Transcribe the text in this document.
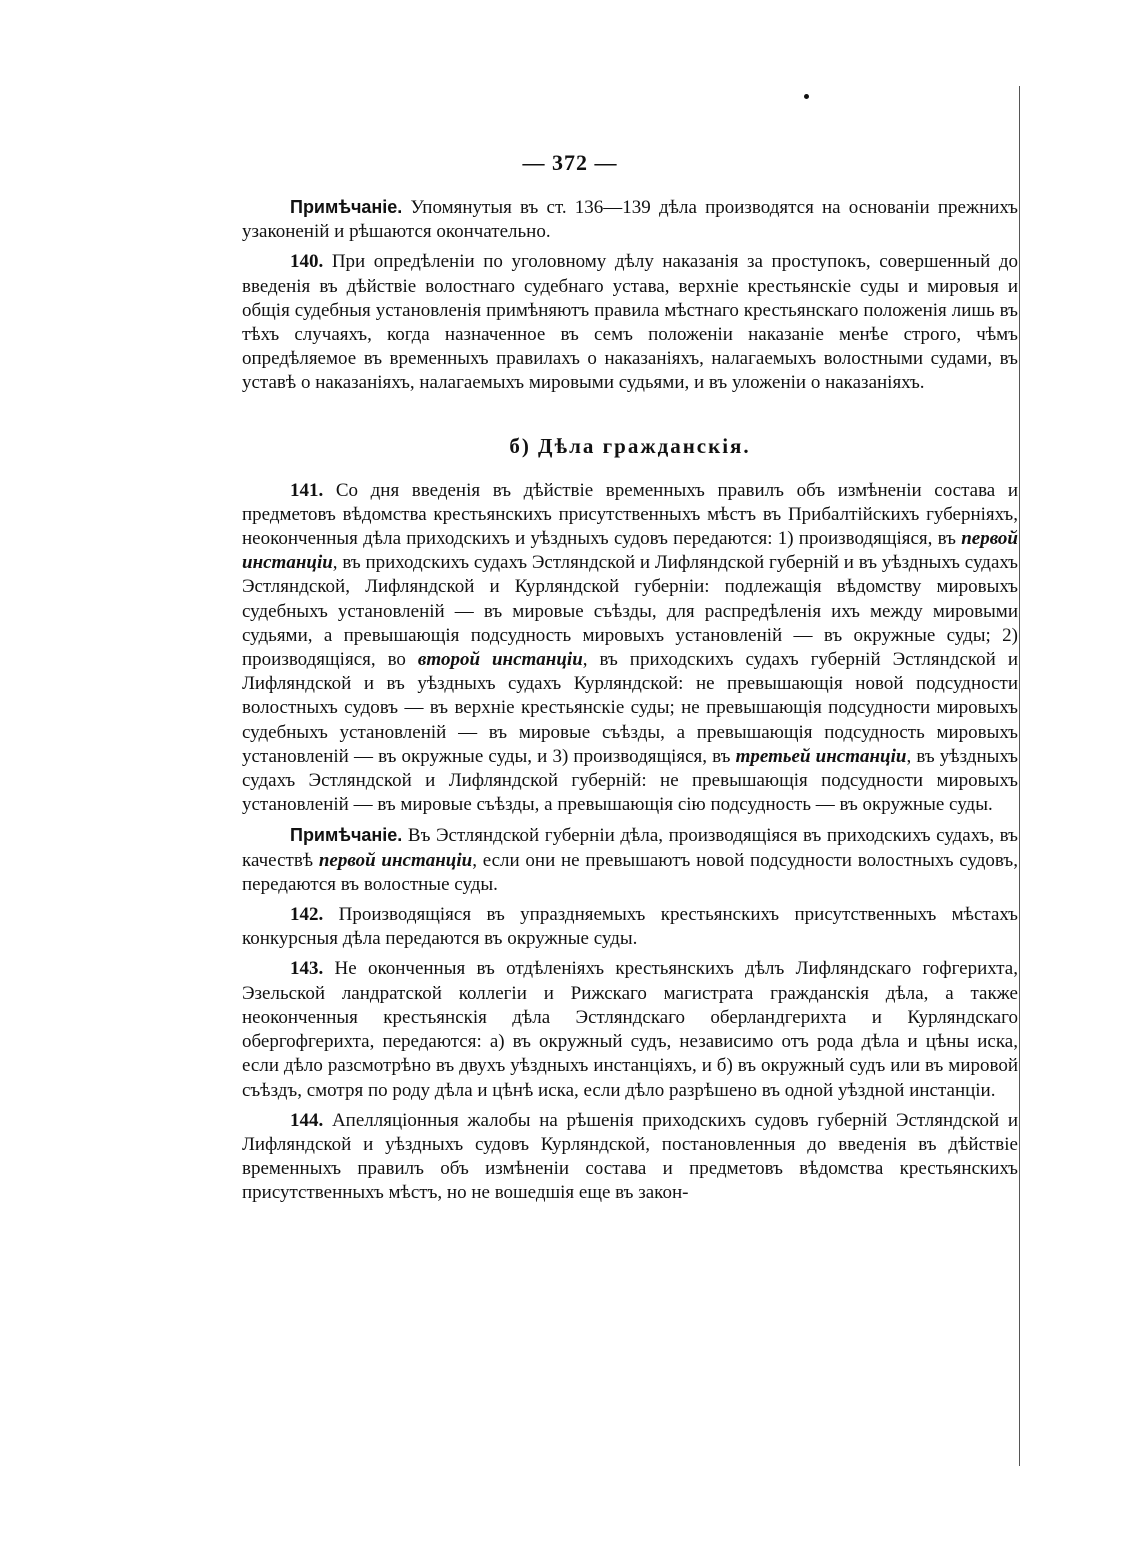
— 372 —

Примѣчаніе. Упомянутыя въ ст. 136—139 дѣла производятся на основаніи прежнихъ узаконеній и рѣшаются окончательно.

140. При опредѣленіи по уголовному дѣлу наказанія за проступокъ, совершенный до введенія въ дѣйствіе волостнаго судебнаго устава, верхніе крестьянскіе суды и мировыя и общія судебныя установленія примѣняютъ правила мѣстнаго крестьянскаго положенія лишь въ тѣхъ случаяхъ, когда назначенное въ семъ положеніи наказаніе менѣе строго, чѣмъ опредѣляемое въ временныхъ правилахъ о наказаніяхъ, налагаемыхъ волостными судами, въ уставѣ о наказаніяхъ, налагаемыхъ мировыми судьями, и въ уложеніи о наказаніяхъ.

б) Дѣла гражданскія.

141. Со дня введенія въ дѣйствіе временныхъ правилъ объ измѣненіи состава и предметовъ вѣдомства крестьянскихъ присутственныхъ мѣстъ въ Прибалтійскихъ губерніяхъ, неоконченныя дѣла приходскихъ и уѣздныхъ судовъ передаются: 1) производящіяся, въ первой инстанціи, въ приходскихъ судахъ Эстляндской и Лифляндской губерній и въ уѣздныхъ судахъ Эстляндской, Лифляндской и Курляндской губерніи: подлежащія вѣдомству мировыхъ судебныхъ установленій — въ мировые съѣзды, для распредѣленія ихъ между мировыми судьями, а превышающія подсудность мировыхъ установленій — въ окружные суды; 2) производящіяся, во второй инстанціи, въ приходскихъ судахъ губерній Эстляндской и Лифляндской и въ уѣздныхъ судахъ Курляндской: не превышающія новой подсудности волостныхъ судовъ — въ верхніе крестьянскіе суды; не превышающія подсудности мировыхъ судебныхъ установленій — въ мировые съѣзды, а превышающія подсудность мировыхъ установленій — въ окружные суды, и 3) производящіяся, въ третьей инстанціи, въ уѣздныхъ судахъ Эстляндской и Лифляндской губерній: не превышающія подсудности мировыхъ установленій — въ мировые съѣзды, а превышающія сію подсудность — въ окружные суды.

Примѣчаніе. Въ Эстляндской губерніи дѣла, производящіяся въ приходскихъ судахъ, въ качествѣ первой инстанціи, если они не превышаютъ новой подсудности волостныхъ судовъ, передаются въ волостные суды.

142. Производящіяся въ упраздняемыхъ крестьянскихъ присутственныхъ мѣстахъ конкурсныя дѣла передаются въ окружные суды.

143. Не оконченныя въ отдѣленіяхъ крестьянскихъ дѣлъ Лифляндскаго гофгерихта, Эзельской ландратской коллегіи и Рижскаго магистрата гражданскія дѣла, а также неоконченныя крестьянскія дѣла Эстляндскаго оберландгерихта и Курляндскаго обергофгерихта, передаются: а) въ окружный судъ, независимо отъ рода дѣла и цѣны иска, если дѣло разсмотрѣно въ двухъ уѣздныхъ инстанціяхъ, и б) въ окружный судъ или въ мировой съѣздъ, смотря по роду дѣла и цѣнѣ иска, если дѣло разрѣшено въ одной уѣздной инстанціи.

144. Апелляціонныя жалобы на рѣшенія приходскихъ судовъ губерній Эстляндской и Лифляндской и уѣздныхъ судовъ Курляндской, постановленныя до введенія въ дѣйствіе временныхъ правилъ объ измѣненіи состава и предметовъ вѣдомства крестьянскихъ присутственныхъ мѣстъ, но не вошедшія еще въ закон-
